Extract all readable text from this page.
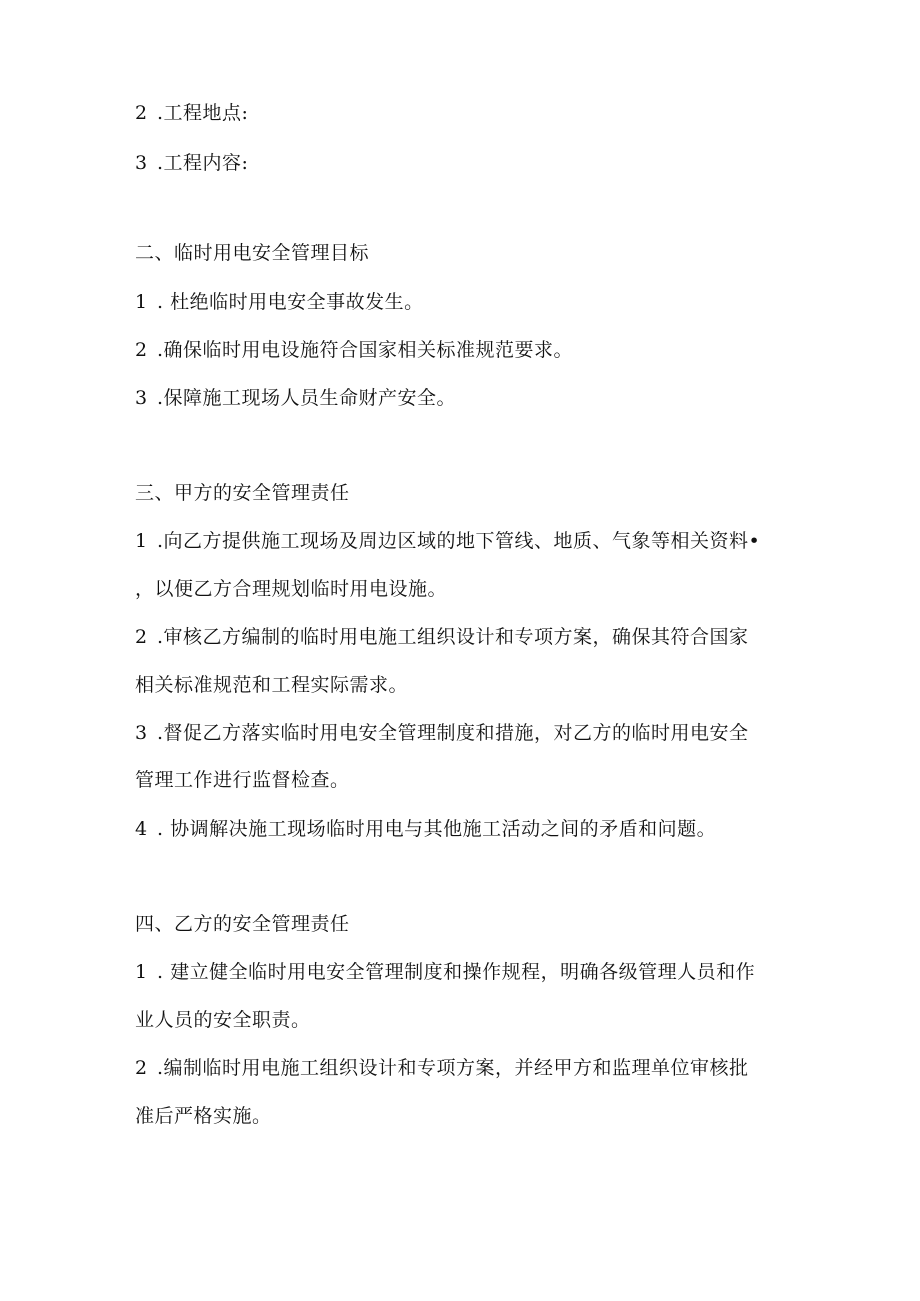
2 .工程地点:
3 .工程内容:
二、临时用电安全管理目标
1 . 杜绝临时用电安全事故发生。
2 .确保临时用电设施符合国家相关标准规范要求。
3 .保障施工现场人员生命财产安全。
三、甲方的安全管理责任
1 .向乙方提供施工现场及周边区域的地下管线、地质、气象等相关资料•
，以便乙方合理规划临时用电设施。
2 .审核乙方编制的临时用电施工组织设计和专项方案，确保其符合国家
相关标准规范和工程实际需求。
3 .督促乙方落实临时用电安全管理制度和措施，对乙方的临时用电安全
管理工作进行监督检查。
4 . 协调解决施工现场临时用电与其他施工活动之间的矛盾和问题。
四、乙方的安全管理责任
1 . 建立健全临时用电安全管理制度和操作规程，明确各级管理人员和作
业人员的安全职责。
2 .编制临时用电施工组织设计和专项方案，并经甲方和监理单位审核批
准后严格实施。
